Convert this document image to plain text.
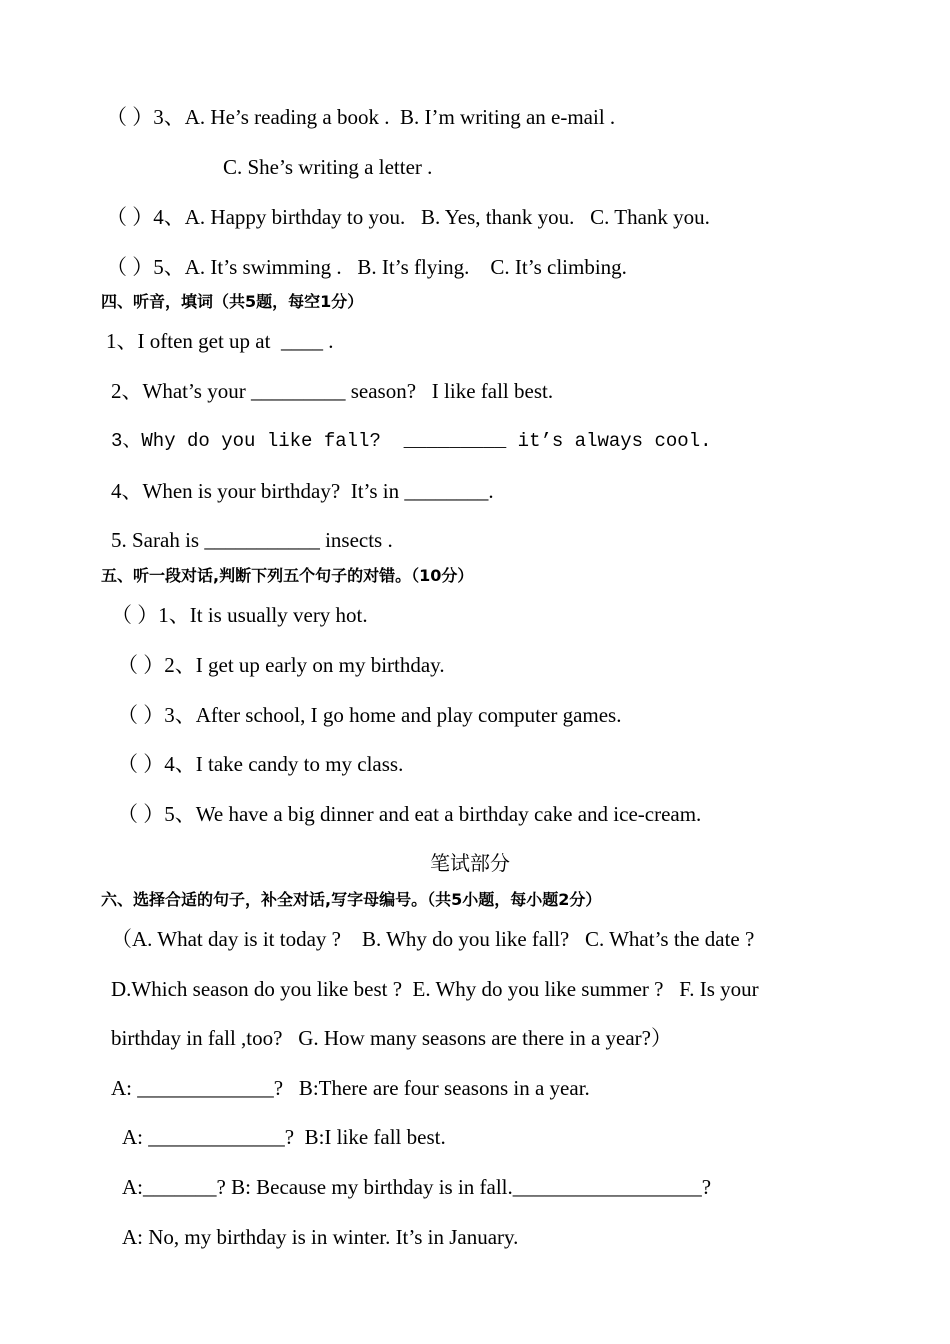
（ ）3、A. He’s reading a book .  B. I’m writing an e-mail .
C. She’s writing a letter .
（ ）4、A. Happy birthday to you.   B. Yes, thank you.   C. Thank you.
（ ）5、A. It’s swimming .   B. It’s flying.    C. It’s climbing.
四、听音，填词（共5题，每空1分）
1、I often get up at  ____ .
2、What’s your _________ season?   I like fall best.
3、Why do you like fall?  _________ it’s always cool.
4、When is your birthday?  It’s in ________.
5. Sarah is ___________ insects .
五、听一段对话,判断下列五个句子的对错。（10分）
（ ）1、It is usually very hot.
（ ）2、I get up early on my birthday.
（ ）3、After school, I go home and play computer games.
（ ）4、I take candy to my class.
（ ）5、We have a big dinner and eat a birthday cake and ice-cream.
笔试部分
六、选择合适的句子，补全对话,写字母编号。（共5小题，每小题2分）
（A. What day is it today ?    B. Why do you like fall?   C. What’s the date ?
D.Which season do you like best ?  E. Why do you like summer ?   F. Is your
birthday in fall ,too?   G. How many seasons are there in a year?）
A: _____________?   B:There are four seasons in a year.
A: _____________?  B:I like fall best.
A:_______? B: Because my birthday is in fall.__________________?
A: No, my birthday is in winter. It’s in January.
